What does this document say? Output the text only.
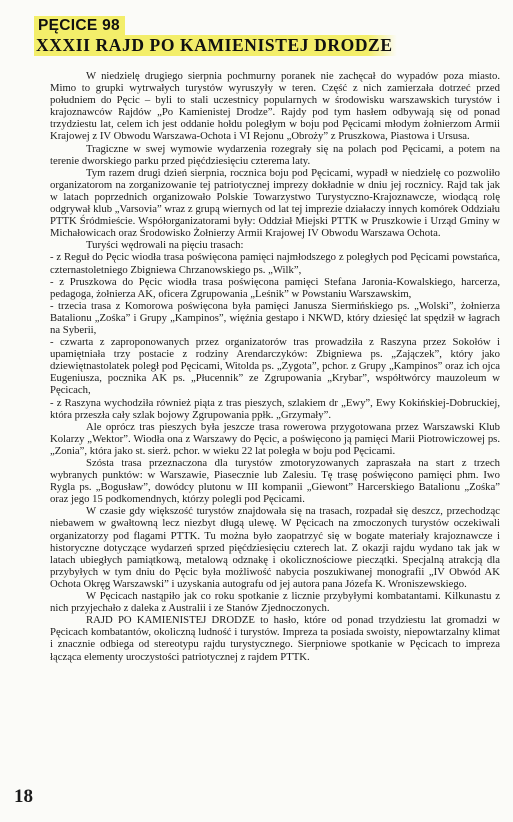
PĘCICE 98
XXXII RAJD PO KAMIENISTEJ DRODZE

W niedzielę drugiego sierpnia pochmurny poranek nie zachęcał do wypadów poza miasto. Mimo to grupki wytrwałych turystów wyruszyły w teren. Część z nich zamierzała dotrzeć przed południem do Pęcic – byli to stali uczestnicy popularnych w środowisku warszawskich turystów i krajoznawców Rajdów „Po Kamienistej Drodze”. Rajdy pod tym hasłem odbywają się od ponad trzydziestu lat, celem ich jest oddanie hołdu poległym w boju pod Pęcicami młodym żołnierzom Armii Krajowej z IV Obwodu Warszawa-Ochota i VI Rejonu „Obroży” z Pruszkowa, Piastowa i Ursusa.

Tragiczne w swej wymowie wydarzenia rozegrały się na polach pod Pęcicami, a potem na terenie dworskiego parku przed pięćdziesięciu czterema laty.

Tym razem drugi dzień sierpnia, rocznica boju pod Pęcicami, wypadł w niedzielę co pozwoliło organizatorom na zorganizowanie tej patriotycznej imprezy dokładnie w dniu jej rocznicy. Rajd tak jak w latach poprzednich organizowało Polskie Towarzystwo Turystyczno-Krajoznawcze, wiodącą rolę odgrywał klub „Varsovia” wraz z grupą wiernych od lat tej imprezie działaczy innych komórek Oddziału PTTK Śródmieście. Współorganizatorami były: Oddział Miejski PTTK w Pruszkowie i Urząd Gminy w Michałowicach oraz Środowisko Żołnierzy Armii Krajowej IV Obwodu Warszawa Ochota.

Turyści wędrowali na pięciu trasach:

- z Reguł do Pęcic wiodła trasa poświęcona pamięci najmłodszego z poległych pod Pęcicami powstańca, czternastoletniego Zbigniewa Chrzanowskiego ps. „Wilk”,

- z Pruszkowa do Pęcic wiodła trasa poświęcona pamięci Stefana Jaronia-Kowalskiego, harcerza, pedagoga, żołnierza AK, oficera Zgrupowania „Leśnik” w Powstaniu Warszawskim,

- trzecia trasa z Komorowa poświęcona była pamięci Janusza Siermińskiego ps. „Wolski”, żołnierza Batalionu „Zośka” i Grupy „Kampinos”, więźnia gestapo i NKWD, który dziesięć lat spędził w łagrach na Syberii,

- czwarta z zaproponowanych przez organizatorów tras prowadziła z Raszyna przez Sokołów i upamiętniała trzy postacie z rodziny Arendarczyków: Zbigniewa ps. „Zajączek”, który jako dziewiętnastolatek poległ pod Pęcicami, Witolda ps. „Zygota”, pchor. z Grupy „Kampinos” oraz ich ojca Eugeniusza, pocznika AK ps. „Płucennik” ze Zgrupowania „Krybar”, współtwórcy mauzoleum w Pęcicach,

- z Raszyna wychodziła również piąta z tras pieszych, szlakiem dr „Ewy”, Ewy Kokińskiej-Dobruckiej, która przeszła cały szlak bojowy Zgrupowania ppłk. „Grzymały”.

Ale oprócz tras pieszych była jeszcze trasa rowerowa przygotowana przez Warszawski Klub Kolarzy „Wektor”. Wiodła ona z Warszawy do Pęcic, a poświęcono ją pamięci Marii Piotrowiczowej ps. „Zonia”, która jako st. sierż. pchor. w wieku 22 lat poległa w boju pod Pęcicami.

Szósta trasa przeznaczona dla turystów zmotoryzowanych zapraszała na start z trzech wybranych punktów: w Warszawie, Piasecznie lub Zalesiu. Tę trasę poświęcono pamięci phm. Iwo Rygla ps. „Bogusław”, dowódcy plutonu w III kompanii „Giewont” Harcerskiego Batalionu „Zośka” oraz jego 15 podkomendnych, którzy polegli pod Pęcicami.

W czasie gdy większość turystów znajdowała się na trasach, rozpadał się deszcz, przechodząc niebawem w gwałtowną lecz niezbyt długą ulewę. W Pęcicach na zmoczonych turystów oczekiwali organizatorzy pod flagami PTTK. Tu można było zaopatrzyć się w bogate materiały krajoznawcze i historyczne dotyczące wydarzeń sprzed pięćdziesięciu czterech lat. Z okazji rajdu wydano tak jak w latach ubiegłych pamiątkową, metalową odznakę i okolicznościowe pieczątki. Specjalną atrakcją dla przybyłych w tym dniu do Pęcic była możliwość nabycia poszukiwanej monografii „IV Obwód AK Ochota Okręg Warszawski” i uzyskania autografu od jej autora pana Józefa K. Wroniszewskiego.

W Pęcicach nastąpiło jak co roku spotkanie z licznie przybyłymi kombatantami. Kilkunastu z nich przyjechało z daleka z Australii i ze Stanów Zjednoczonych.

RAJD PO KAMIENISTEJ DRODZE to hasło, które od ponad trzydziestu lat gromadzi w Pęcicach kombatantów, okoliczną ludność i turystów. Impreza ta posiada swoisty, niepowtarzalny klimat i znacznie odbiega od stereotypu rajdu turystycznego. Sierpniowe spotkanie w Pęcicach to impreza łącząca elementy uroczystości patriotycznej z rajdem PTTK.

18
